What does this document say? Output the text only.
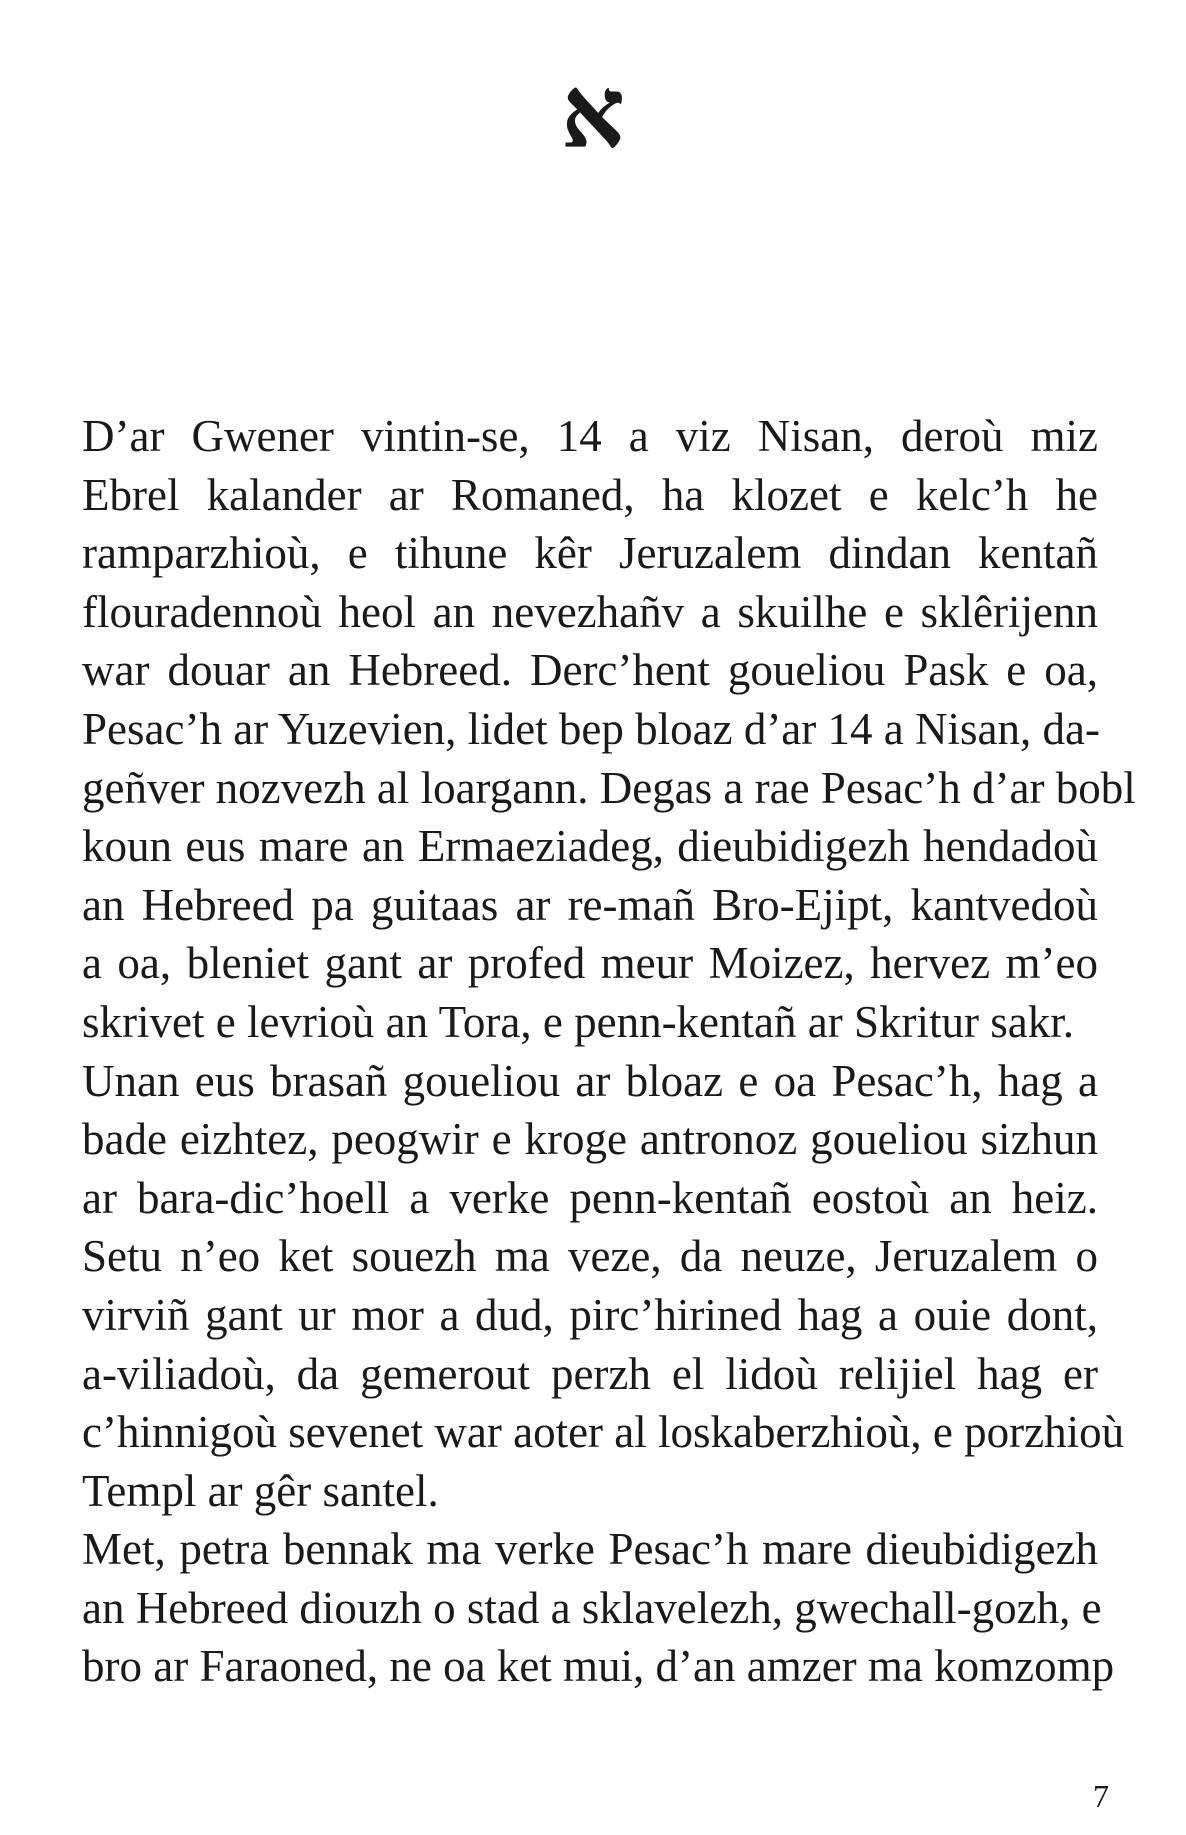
א

D’ar Gwener vintin-se, 14 a viz Nisan, deroù miz
Ebrel kalander ar Romaned, ha klozet e kelc’h he
ramparzhioù, e tihune kêr Jeruzalem dindan kentañ
flouradennoù heol an nevezhañv a skuilhe e sklêrijenn
war douar an Hebreed. Derc’hent goueliou Pask e oa,
Pesac’h ar Yuzevien, lidet bep bloaz d’ar 14 a Nisan, da-
geñver nozvezh al loargann. Degas a rae Pesac’h d’ar bobl
koun eus mare an Ermaeziadeg, dieubidigezh hendadoù
an Hebreed pa guitaas ar re-mañ Bro-Ejipt, kantvedoù
a oa, bleniet gant ar profed meur Moizez, hervez m’eo
skrivet e levrioù an Tora, e penn-kentañ ar Skritur sakr.

Unan eus brasañ goueliou ar bloaz e oa Pesac’h, hag a
bade eizhtez, peogwir e kroge antronoz goueliou sizhun
ar bara-dic’hoell a verke penn-kentañ eostoù an heiz.
Setu n’eo ket souezh ma veze, da neuze, Jeruzalem o
virviñ gant ur mor a dud, pirc’hirined hag a ouie dont,
a-viliadoù, da gemerout perzh el lidoù relijiel hag er
c’hinnigoù sevenet war aoter al loskaberzhioù, e porzhioù
Templ ar gêr santel.

Met, petra bennak ma verke Pesac’h mare dieubidigezh
an Hebreed diouzh o stad a sklavelezh, gwechall-gozh, e
bro ar Faraoned, ne oa ket mui, d’an amzer ma komzomp

7
